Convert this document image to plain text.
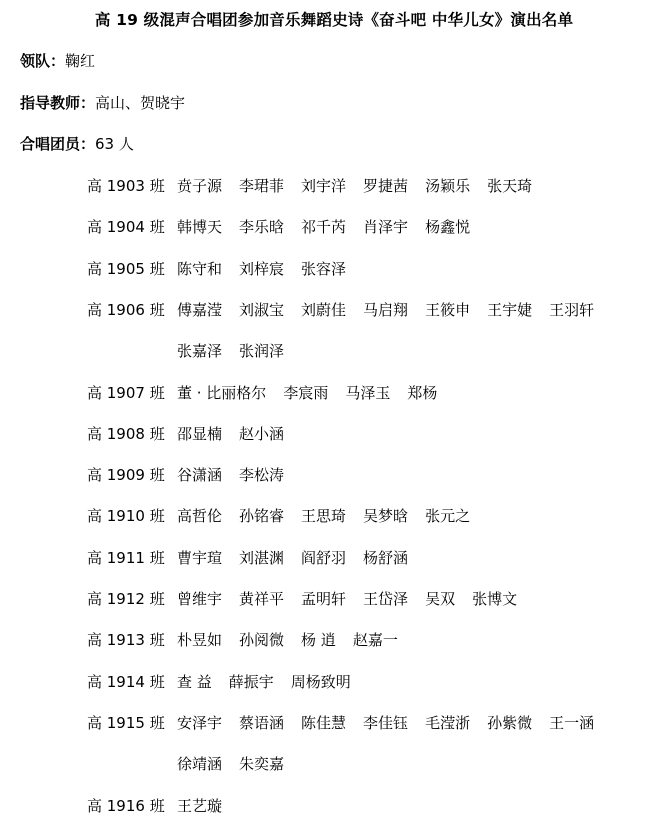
高 19 级混声合唱团参加音乐舞蹈史诗《奋斗吧 中华儿女》演出名单
领队：鞠红
指导教师：高山、贺晓宇
合唱团员：63 人
高 1903 班 贲子源 李珺菲 刘宇洋 罗捷茜 汤颖乐 张天琦
高 1904 班 韩博天 李乐晗 祁千芮 肖泽宇 杨鑫悦
高 1905 班 陈守和 刘梓宸 张容泽
高 1906 班 傅嘉滢 刘淑宝 刘蔚佳 马启翔 王筱申 王宇婕 王羽轩
张嘉泽 张润泽
高 1907 班 董 · 比丽格尔 李宸雨 马泽玉 郑杨
高 1908 班 邵显楠 赵小涵
高 1909 班 谷潇涵 李松涛
高 1910 班 高哲伦 孙铭睿 王思琦 吴梦晗 张元之
高 1911 班 曹宇瑄 刘湛渊 阎舒羽 杨舒涵
高 1912 班 曾维宇 黄祥平 孟明轩 王岱泽 吴双 张博文
高 1913 班 朴昱如 孙阅微 杨 逍 赵嘉一
高 1914 班 查 益 薛振宇 周杨致明
高 1915 班 安泽宇 蔡语涵 陈佳慧 李佳钰 毛滢浙 孙紫微 王一涵
徐靖涵 朱奕嘉
高 1916 班 王艺璇
